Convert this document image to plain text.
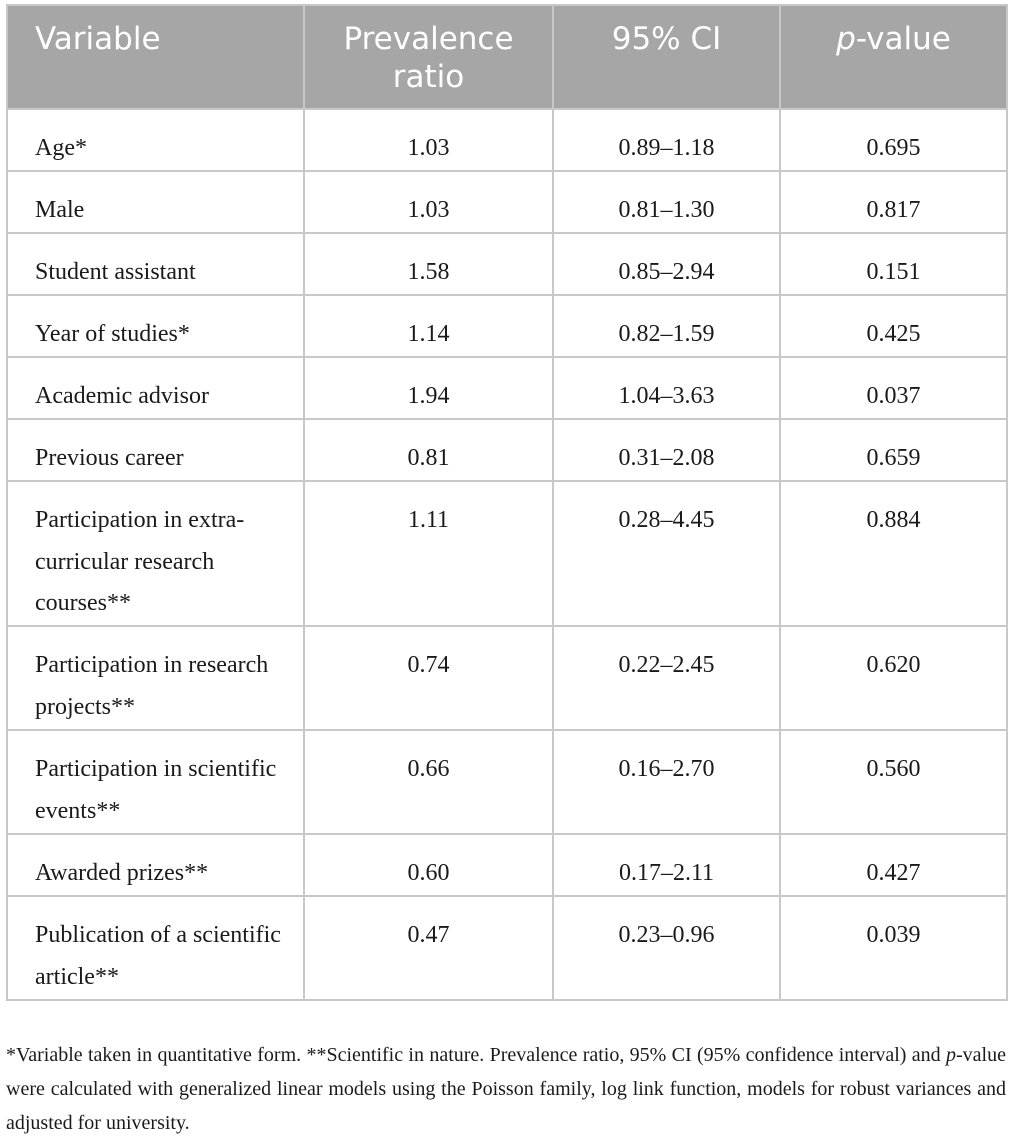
Variable	Prevalence ratio	95% CI	p-value
Age*	1.03	0.89–1.18	0.695
Male	1.03	0.81–1.30	0.817
Student assistant	1.58	0.85–2.94	0.151
Year of studies*	1.14	0.82–1.59	0.425
Academic advisor	1.94	1.04–3.63	0.037
Previous career	0.81	0.31–2.08	0.659
Participation in extra-curricular research courses**	1.11	0.28–4.45	0.884
Participation in research projects**	0.74	0.22–2.45	0.620
Participation in scientific events**	0.66	0.16–2.70	0.560
Awarded prizes**	0.60	0.17–2.11	0.427
Publication of a scientific article**	0.47	0.23–0.96	0.039

*Variable taken in quantitative form. **Scientific in nature. Prevalence ratio, 95% CI (95% confidence interval) and p-value were calculated with generalized linear models using the Poisson family, log link function, models for robust variances and adjusted for university.
